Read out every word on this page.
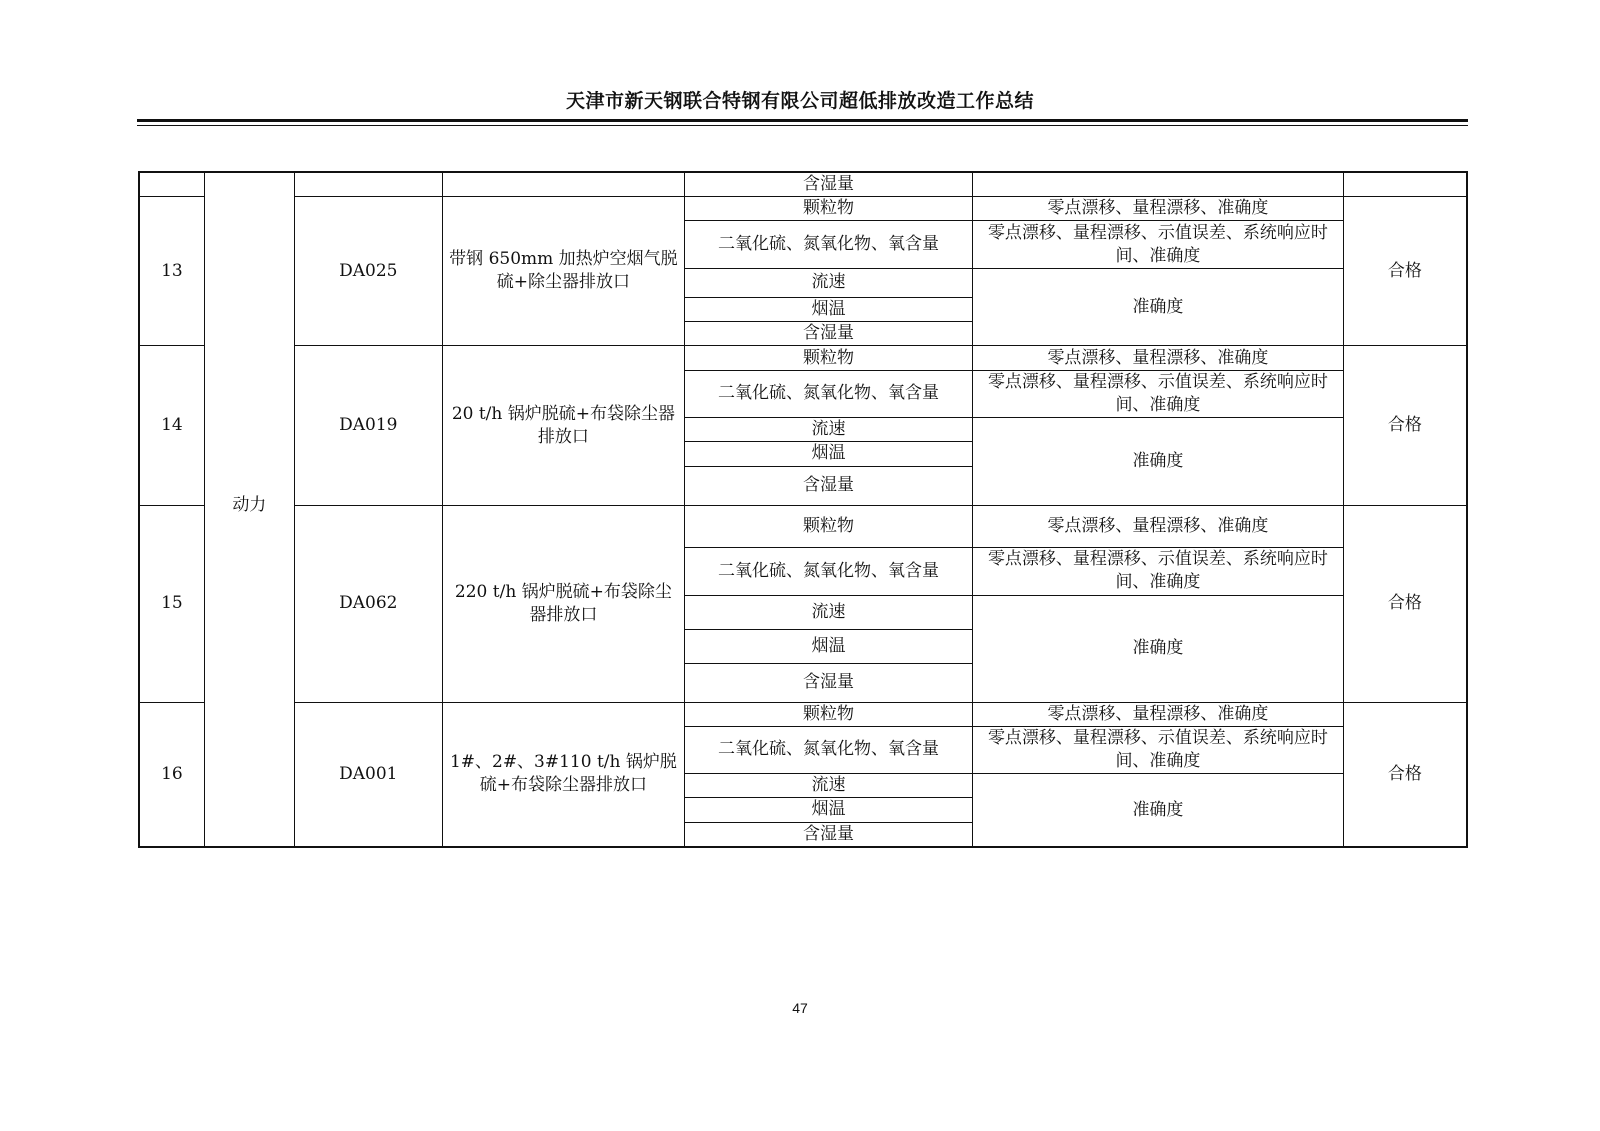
天津市新天钢联合特钢有限公司超低排放改造工作总结
	动力			含湿量		
13		DA025	带钢 650mm 加热炉空烟气脱硫+除尘器排放口	颗粒物	零点漂移、量程漂移、准确度	合格
				二氧化硫、氮氧化物、氧含量	零点漂移、量程漂移、示值误差、系统响应时间、准确度	
				流速	准确度	
				烟温		
				含湿量		
14		DA019	20 t/h 锅炉脱硫+布袋除尘器排放口	颗粒物	零点漂移、量程漂移、准确度	合格
				二氧化硫、氮氧化物、氧含量	零点漂移、量程漂移、示值误差、系统响应时间、准确度	
				流速	准确度	
				烟温		
				含湿量		
15		DA062	220 t/h 锅炉脱硫+布袋除尘器排放口	颗粒物	零点漂移、量程漂移、准确度	合格
				二氧化硫、氮氧化物、氧含量	零点漂移、量程漂移、示值误差、系统响应时间、准确度	
				流速	准确度	
				烟温		
				含湿量		
16		DA001	1#、2#、3#110 t/h 锅炉脱硫+布袋除尘器排放口	颗粒物	零点漂移、量程漂移、准确度	合格
				二氧化硫、氮氧化物、氧含量	零点漂移、量程漂移、示值误差、系统响应时间、准确度	
				流速	准确度	
				烟温		
				含湿量		
47
